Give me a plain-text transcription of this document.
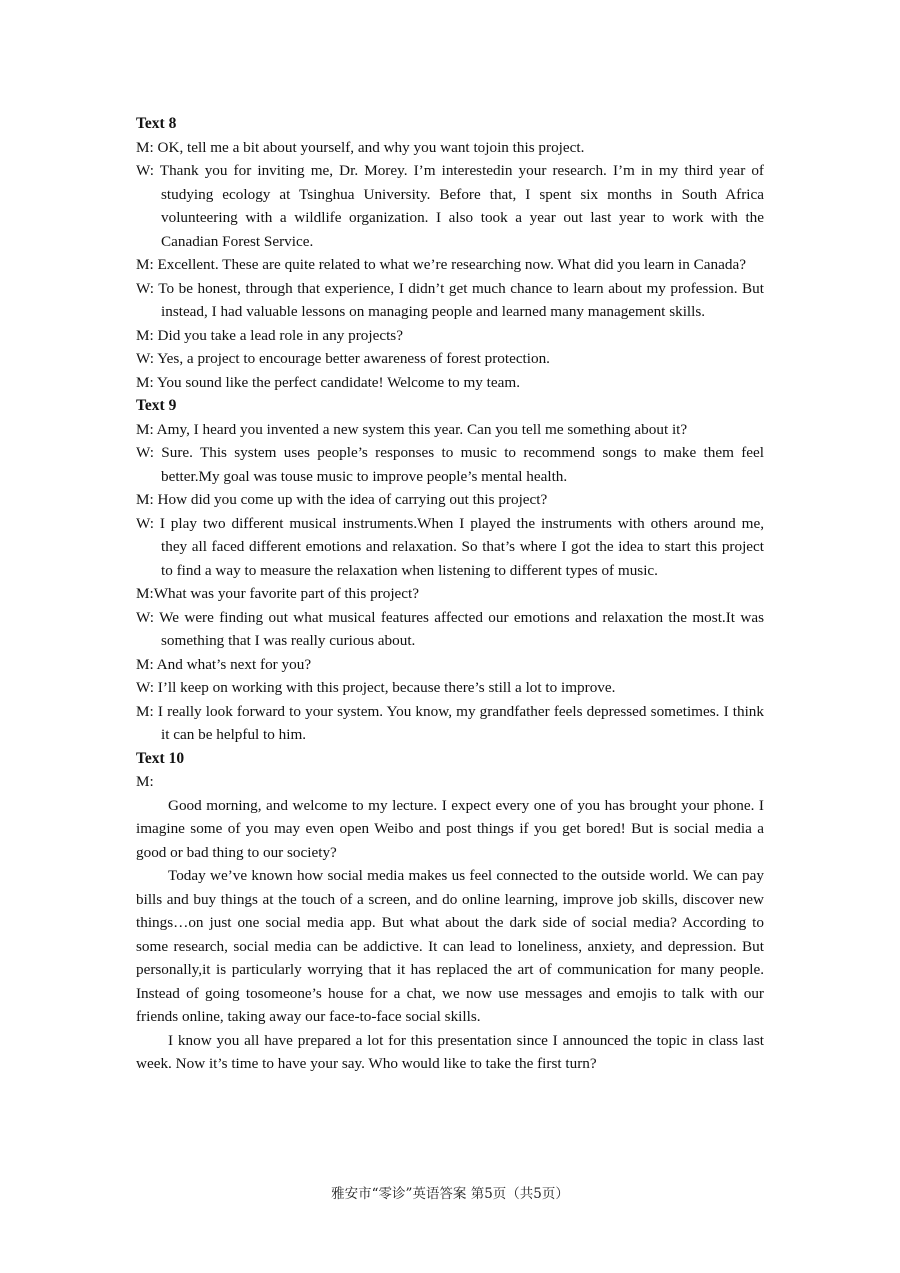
Text 8
M: OK, tell me a bit about yourself, and why you want tojoin this project.
W: Thank you for inviting me, Dr. Morey. I’m interestedin your research. I’m in my third year of studying ecology at Tsinghua University. Before that, I spent six months in South Africa volunteering with a wildlife organization. I also took a year out last year to work with the Canadian Forest Service.
M: Excellent. These are quite related to what we’re researching now. What did you learn in Canada?
W: To be honest, through that experience, I didn’t get much chance to learn about my profession. But instead, I had valuable lessons on managing people and learned many management skills.
M: Did you take a lead role in any projects?
W: Yes, a project to encourage better awareness of forest protection.
M: You sound like the perfect candidate! Welcome to my team.
Text 9
M: Amy, I heard you invented a new system this year. Can you tell me something about it?
W: Sure. This system uses people’s responses to music to recommend songs to make them feel better.My goal was touse music to improve people’s mental health.
M: How did you come up with the idea of carrying out this project?
W: I play two different musical instruments.When I played the instruments with others around me, they all faced different emotions and relaxation. So that’s where I got the idea to start this project to find a way to measure the relaxation when listening to different types of music.
M:What was your favorite part of this project?
W: We were finding out what musical features affected our emotions and relaxation the most.It was something that I was really curious about.
M: And what’s next for you?
W: I’ll keep on working with this project, because there’s still a lot to improve.
M: I really look forward to your system. You know, my grandfather feels depressed sometimes. I think it can be helpful to him.
Text 10
M:
Good morning, and welcome to my lecture. I expect every one of you has brought your phone. I imagine some of you may even open Weibo and post things if you get bored! But is social media a good or bad thing to our society?
Today we’ve known how social media makes us feel connected to the outside world. We can pay bills and buy things at the touch of a screen, and do online learning, improve job skills, discover new things…on just one social media app. But what about the dark side of social media? According to some research, social media can be addictive. It can lead to loneliness, anxiety, and depression. But personally,it is particularly worrying that it has replaced the art of communication for many people. Instead of going tosomeone’s house for a chat, we now use messages and emojis to talk with our friends online, taking away our face-to-face social skills.
I know you all have prepared a lot for this presentation since I announced the topic in class last week. Now it’s time to have your say. Who would like to take the first turn?
雅安市“零诊”英语答案 第5页（共5页）
